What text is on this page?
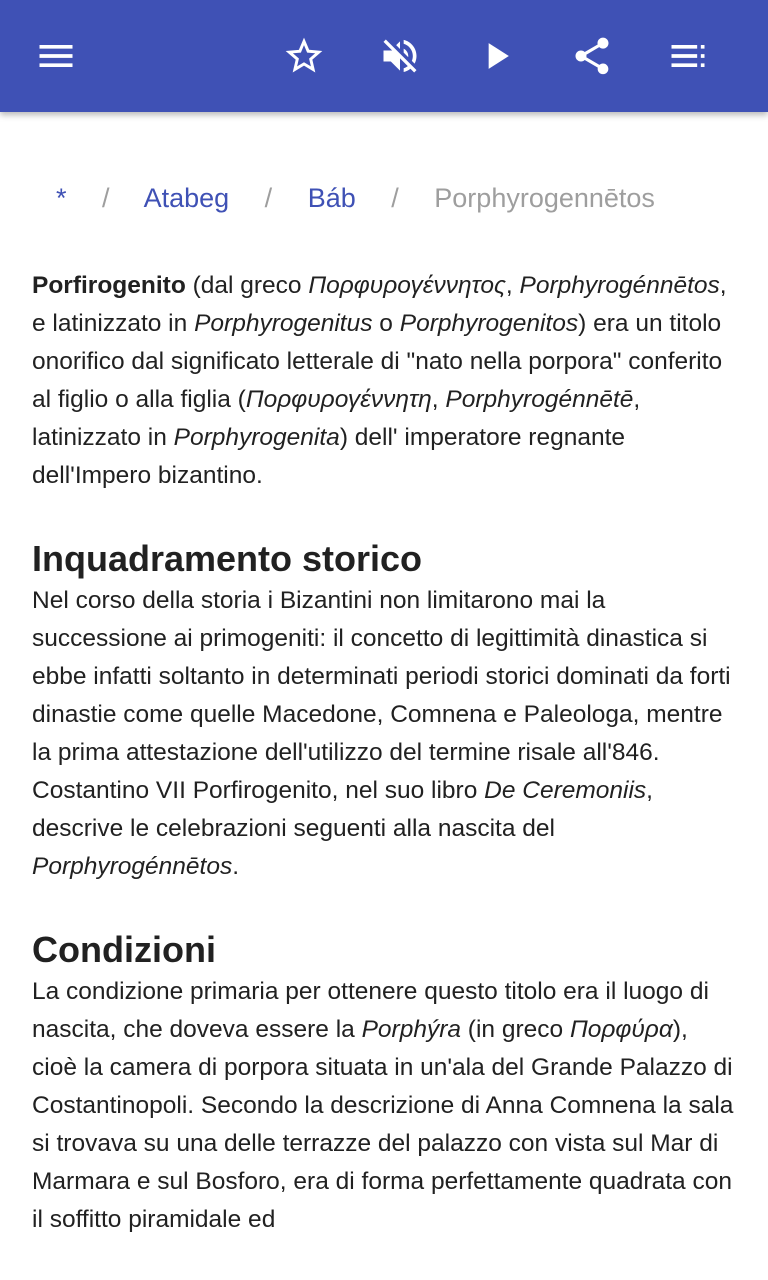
* / Atabeg / Báb / Porphyrogennētos

Porfirogenito (dal greco Πορφυρογέννητος, Porphyrogénnētos, e latinizzato in Porphyrogenitus o Porphyrogenitos) era un titolo onorifico dal significato letterale di "nato nella porpora" conferito al figlio o alla figlia (Πορφυρογέννητη, Porphyrogénnētē, latinizzato in Porphyrogenita) dell' imperatore regnante dell'Impero bizantino.

Inquadramento storico

Nel corso della storia i Bizantini non limitarono mai la successione ai primogeniti: il concetto di legittimità dinastica si ebbe infatti soltanto in determinati periodi storici dominati da forti dinastie come quelle Macedone, Comnena e Paleologa, mentre la prima attestazione dell'utilizzo del termine risale all'846. Costantino VII Porfirogenito, nel suo libro De Ceremoniis, descrive le celebrazioni seguenti alla nascita del Porphyrogénnētos.

Condizioni

La condizione primaria per ottenere questo titolo era il luogo di nascita, che doveva essere la Porphýra (in greco Πορφύρα), cioè la camera di porpora situata in un'ala del Grande Palazzo di Costantinopoli. Secondo la descrizione di Anna Comnena la sala si trovava su una delle terrazze del palazzo con vista sul Mar di Marmara e sul Bosforo, era di forma perfettamente quadrata con il soffitto piramidale ed
